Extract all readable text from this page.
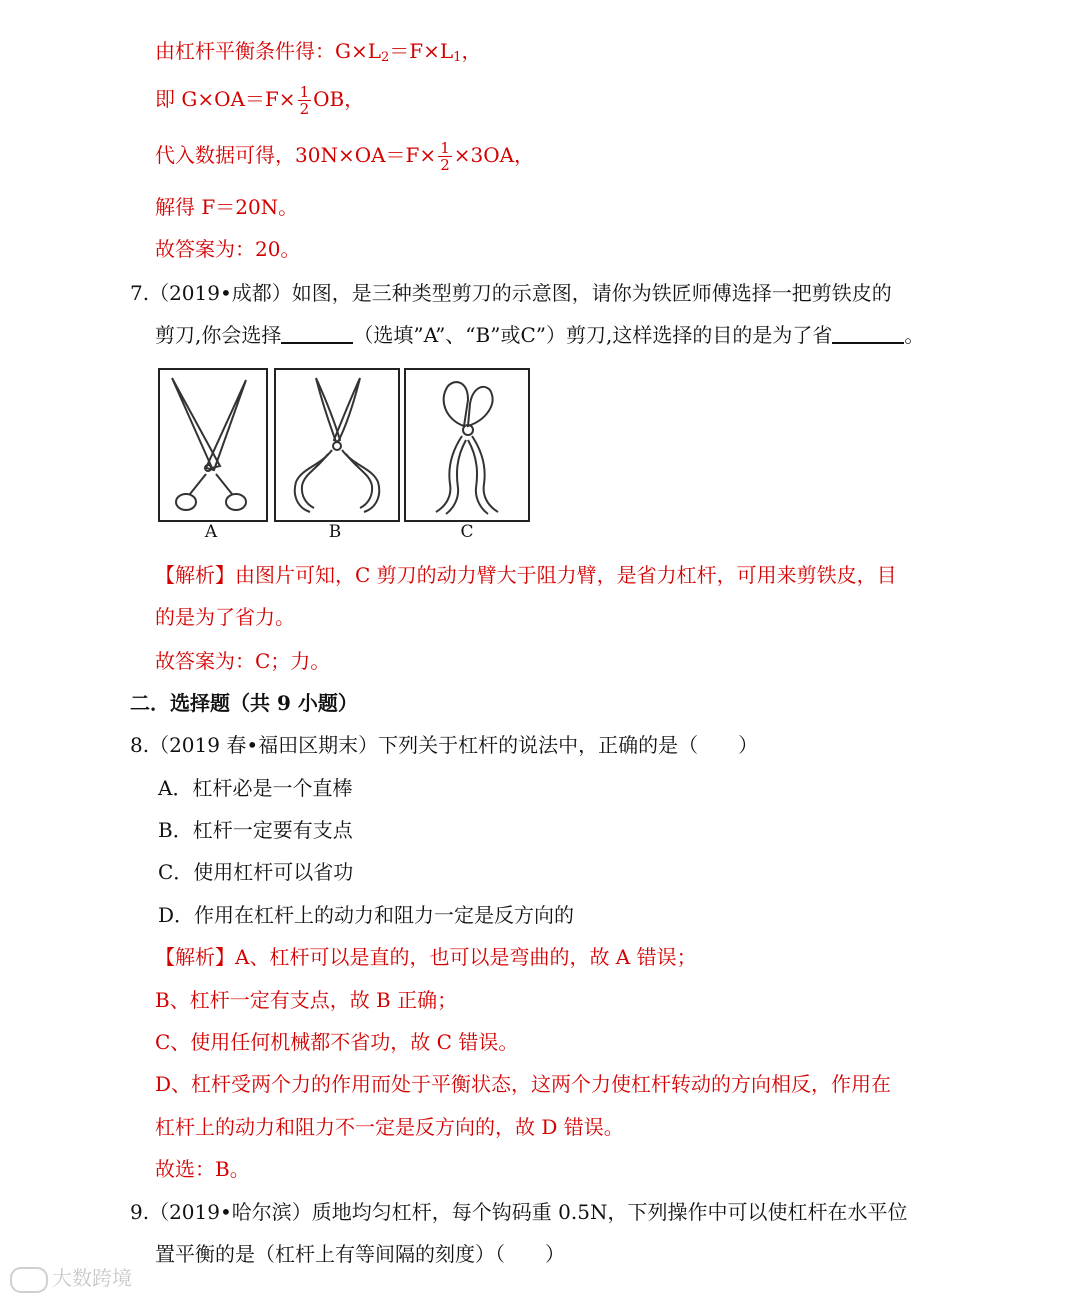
由杠杆平衡条件得：$G\times L_2=F\times L_1$，
即 $G\times OA=F\times \frac{1}{2}$ OB，
代入数据可得，$30N\times OA=F\times \frac{1}{2} \times 3OA$，
解得 F＝20N。
故答案为：20。
7.（2019•成都）如图，是三种类型剪刀的示意图，请你为铁匠师傅选择一把剪铁皮的
剪刀,你会选择	（选填”A”、“B”或C”）剪刀,这样选择的目的是为了省	。
A	B	C
【解析】由图片可知，C 剪刀的动力臂大于阻力臂，是省力杠杆，可用来剪铁皮，目
的是为了省力。
故答案为：C；力。
二．选择题（共 9 小题）
8.（2019 春•福田区期末）下列关于杠杆的说法中，正确的是（　　）
A．杠杆必是一个直棒
B．杠杆一定要有支点
C．使用杠杆可以省功
D．作用在杠杆上的动力和阻力一定是反方向的
【解析】A、杠杆可以是直的，也可以是弯曲的，故 A 错误；
B、杠杆一定有支点，故 B 正确；
C、使用任何机械都不省功，故 C 错误。
D、杠杆受两个力的作用而处于平衡状态，这两个力使杠杆转动的方向相反，作用在
杠杆上的动力和阻力不一定是反方向的，故 D 错误。
故选：B。
9.（2019•哈尔滨）质地均匀杠杆，每个钩码重 0.5N，下列操作中可以使杠杆在水平位
置平衡的是（杠杆上有等间隔的刻度）（　　）
大数跨境
